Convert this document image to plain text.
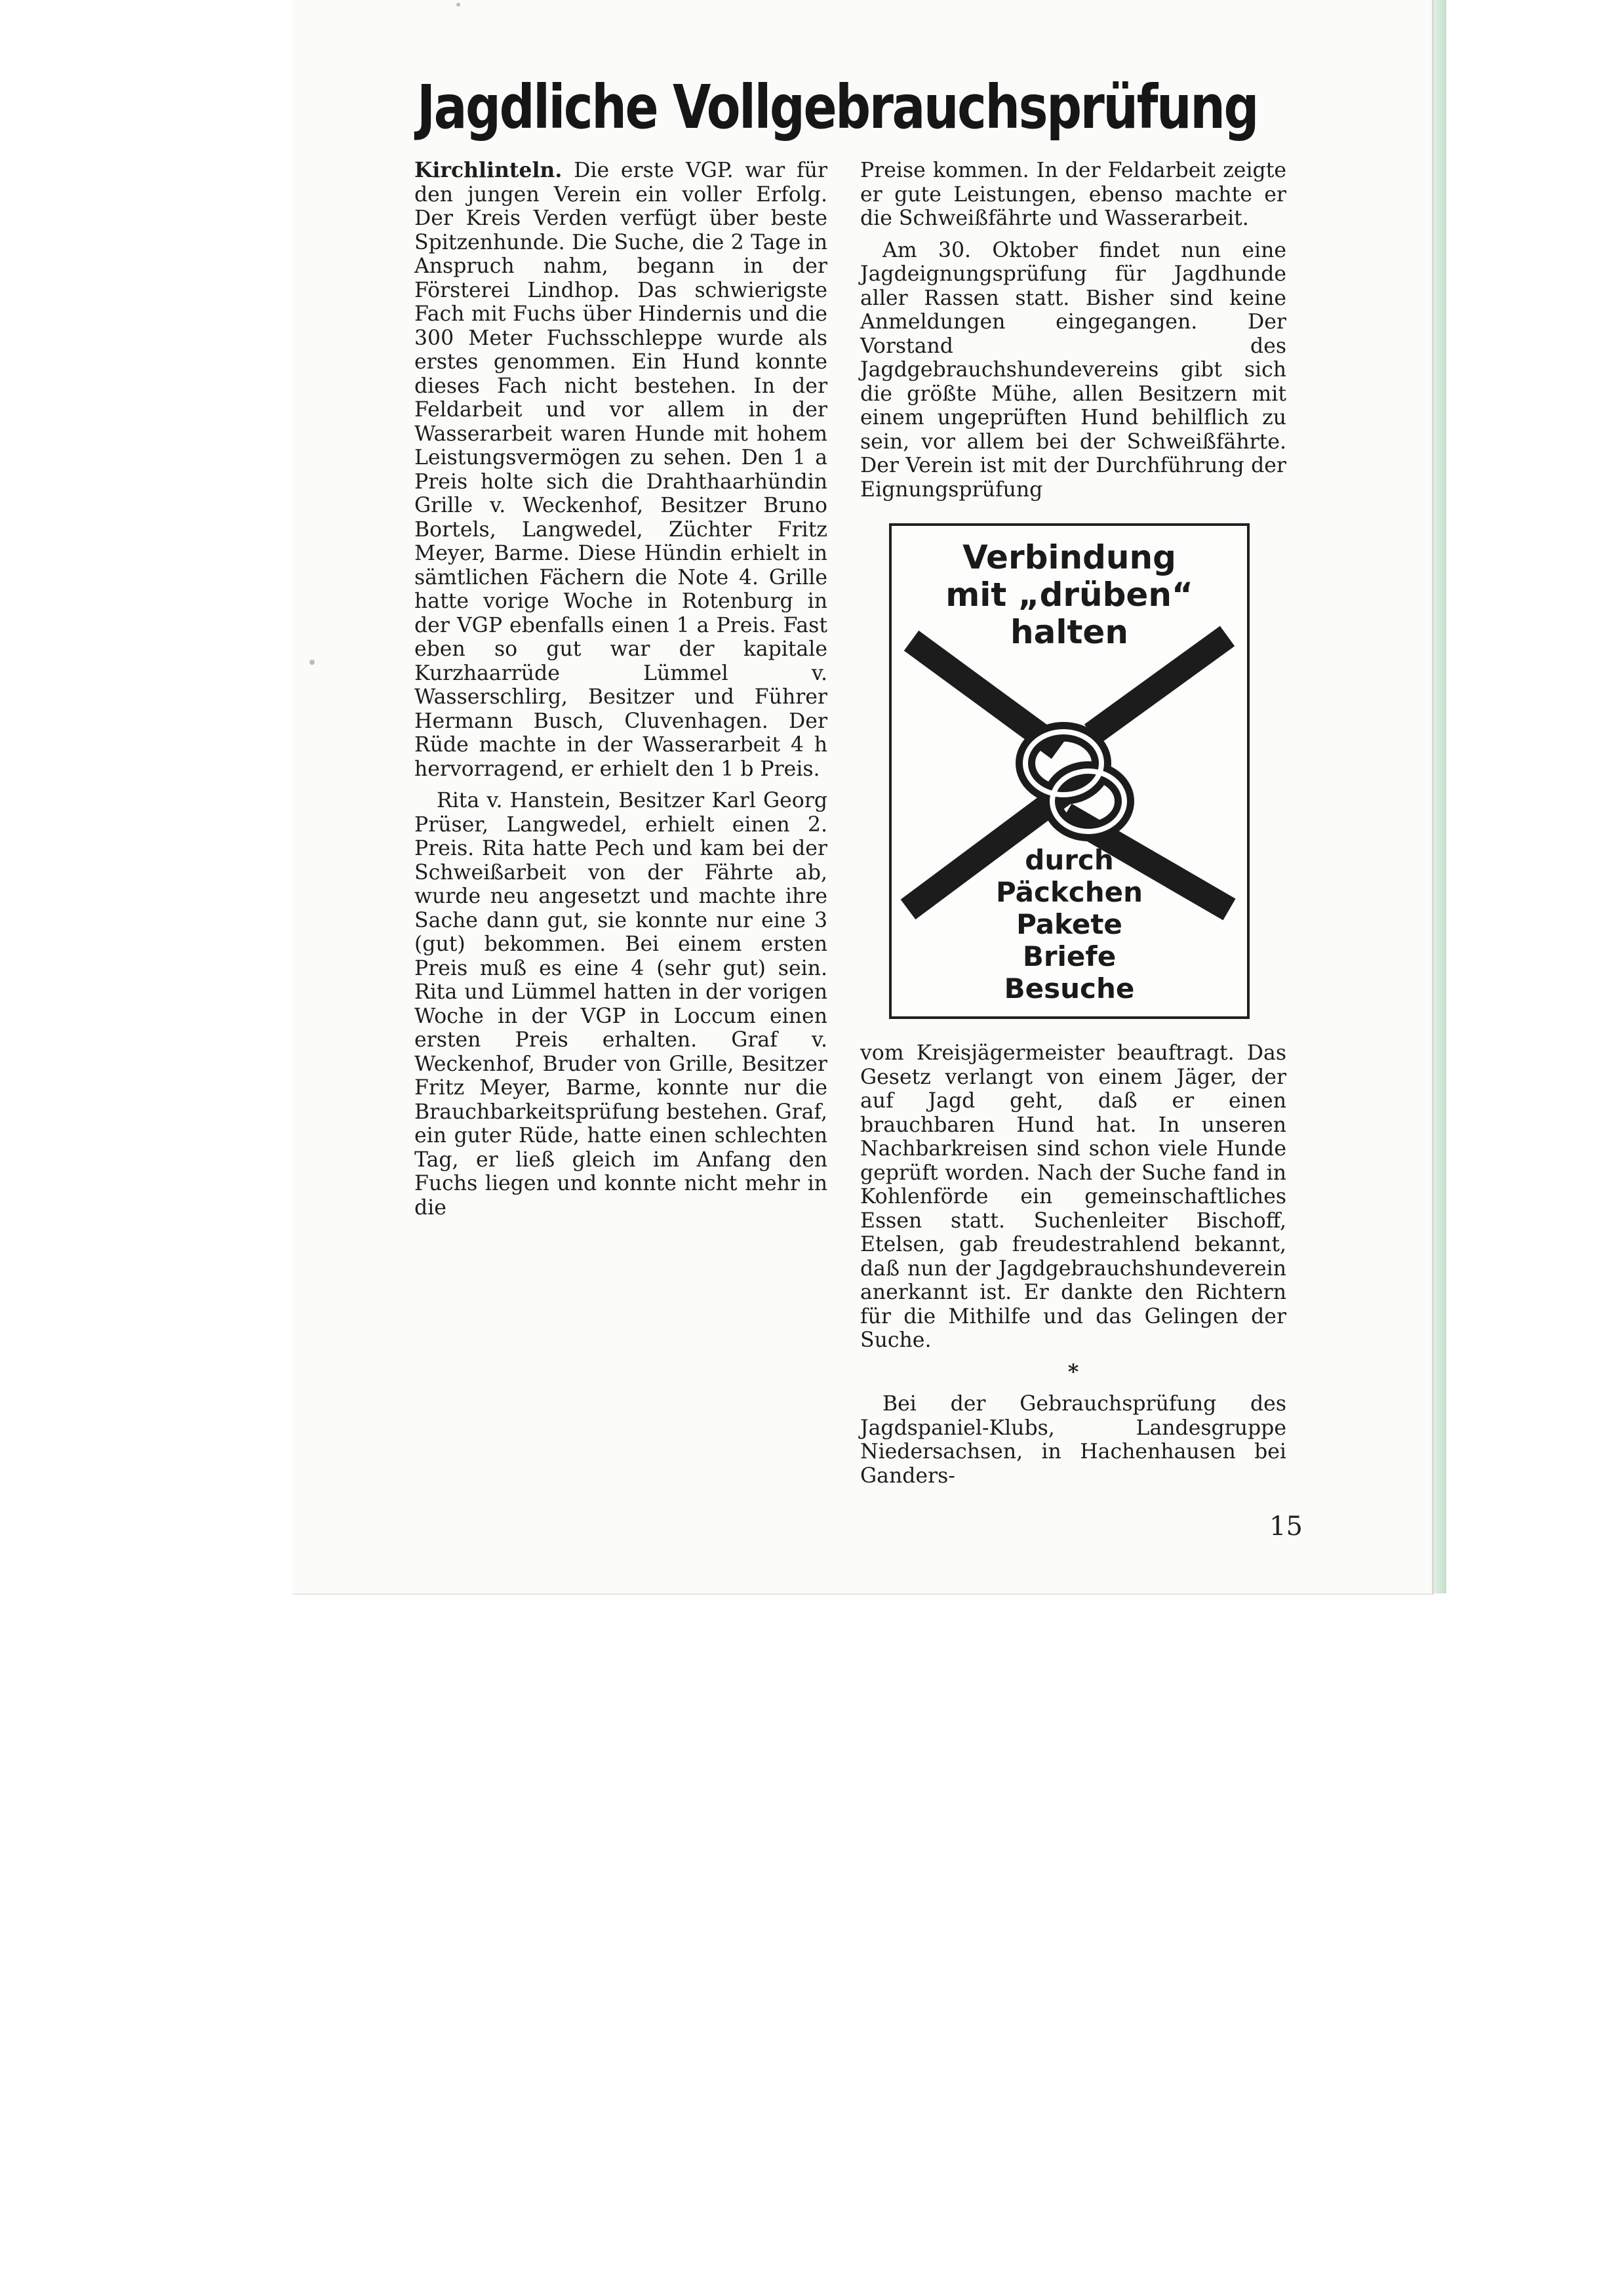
Jagdliche Vollgebrauchsprüfung

Kirchlinteln. Die erste VGP. war für den jungen Verein ein voller Erfolg. Der Kreis Verden verfügt über beste Spitzenhunde. Die Suche, die 2 Tage in Anspruch nahm, begann in der Försterei Lindhop. Das schwierigste Fach mit Fuchs über Hindernis und die 300 Meter Fuchsschleppe wurde als erstes genommen. Ein Hund konnte dieses Fach nicht bestehen. In der Feldarbeit und vor allem in der Wasserarbeit waren Hunde mit hohem Leistungsvermögen zu sehen. Den 1 a Preis holte sich die Drahthaarhündin Grille v. Weckenhof, Besitzer Bruno Bortels, Langwedel, Züchter Fritz Meyer, Barme. Diese Hündin erhielt in sämtlichen Fächern die Note 4. Grille hatte vorige Woche in Rotenburg in der VGP ebenfalls einen 1 a Preis. Fast eben so gut war der kapitale Kurzhaarrüde Lümmel v. Wasserschlirg, Besitzer und Führer Hermann Busch, Cluvenhagen. Der Rüde machte in der Wasserarbeit 4 h hervorragend, er erhielt den 1 b Preis.

Rita v. Hanstein, Besitzer Karl Georg Prüser, Langwedel, erhielt einen 2. Preis. Rita hatte Pech und kam bei der Schweißarbeit von der Fährte ab, wurde neu angesetzt und machte ihre Sache dann gut, sie konnte nur eine 3 (gut) bekommen. Bei einem ersten Preis muß es eine 4 (sehr gut) sein. Rita und Lümmel hatten in der vorigen Woche in der VGP in Loccum einen ersten Preis erhalten. Graf v. Weckenhof, Bruder von Grille, Besitzer Fritz Meyer, Barme, konnte nur die Brauchbarkeitsprüfung bestehen. Graf, ein guter Rüde, hatte einen schlechten Tag, er ließ gleich im Anfang den Fuchs liegen und konnte nicht mehr in die

Preise kommen. In der Feldarbeit zeigte er gute Leistungen, ebenso machte er die Schweißfährte und Wasserarbeit.

Am 30. Oktober findet nun eine Jagdeignungsprüfung für Jagdhunde aller Rassen statt. Bisher sind keine Anmeldungen eingegangen. Der Vorstand des Jagdgebrauchshundevereins gibt sich die größte Mühe, allen Besitzern mit einem ungeprüften Hund behilflich zu sein, vor allem bei der Schweißfährte. Der Verein ist mit der Durchführung der Eignungsprüfung

Verbindung
mit „drüben“
halten
durch
Päckchen
Pakete
Briefe
Besuche

vom Kreisjägermeister beauftragt. Das Gesetz verlangt von einem Jäger, der auf Jagd geht, daß er einen brauchbaren Hund hat. In unseren Nachbarkreisen sind schon viele Hunde geprüft worden. Nach der Suche fand in Kohlenförde ein gemeinschaftliches Essen statt. Suchenleiter Bischoff, Etelsen, gab freudestrahlend bekannt, daß nun der Jagdgebrauchshundeverein anerkannt ist. Er dankte den Richtern für die Mithilfe und das Gelingen der Suche.

*

Bei der Gebrauchsprüfung des Jagdspaniel-Klubs, Landesgruppe Niedersachsen, in Hachenhausen bei Ganders-

15
